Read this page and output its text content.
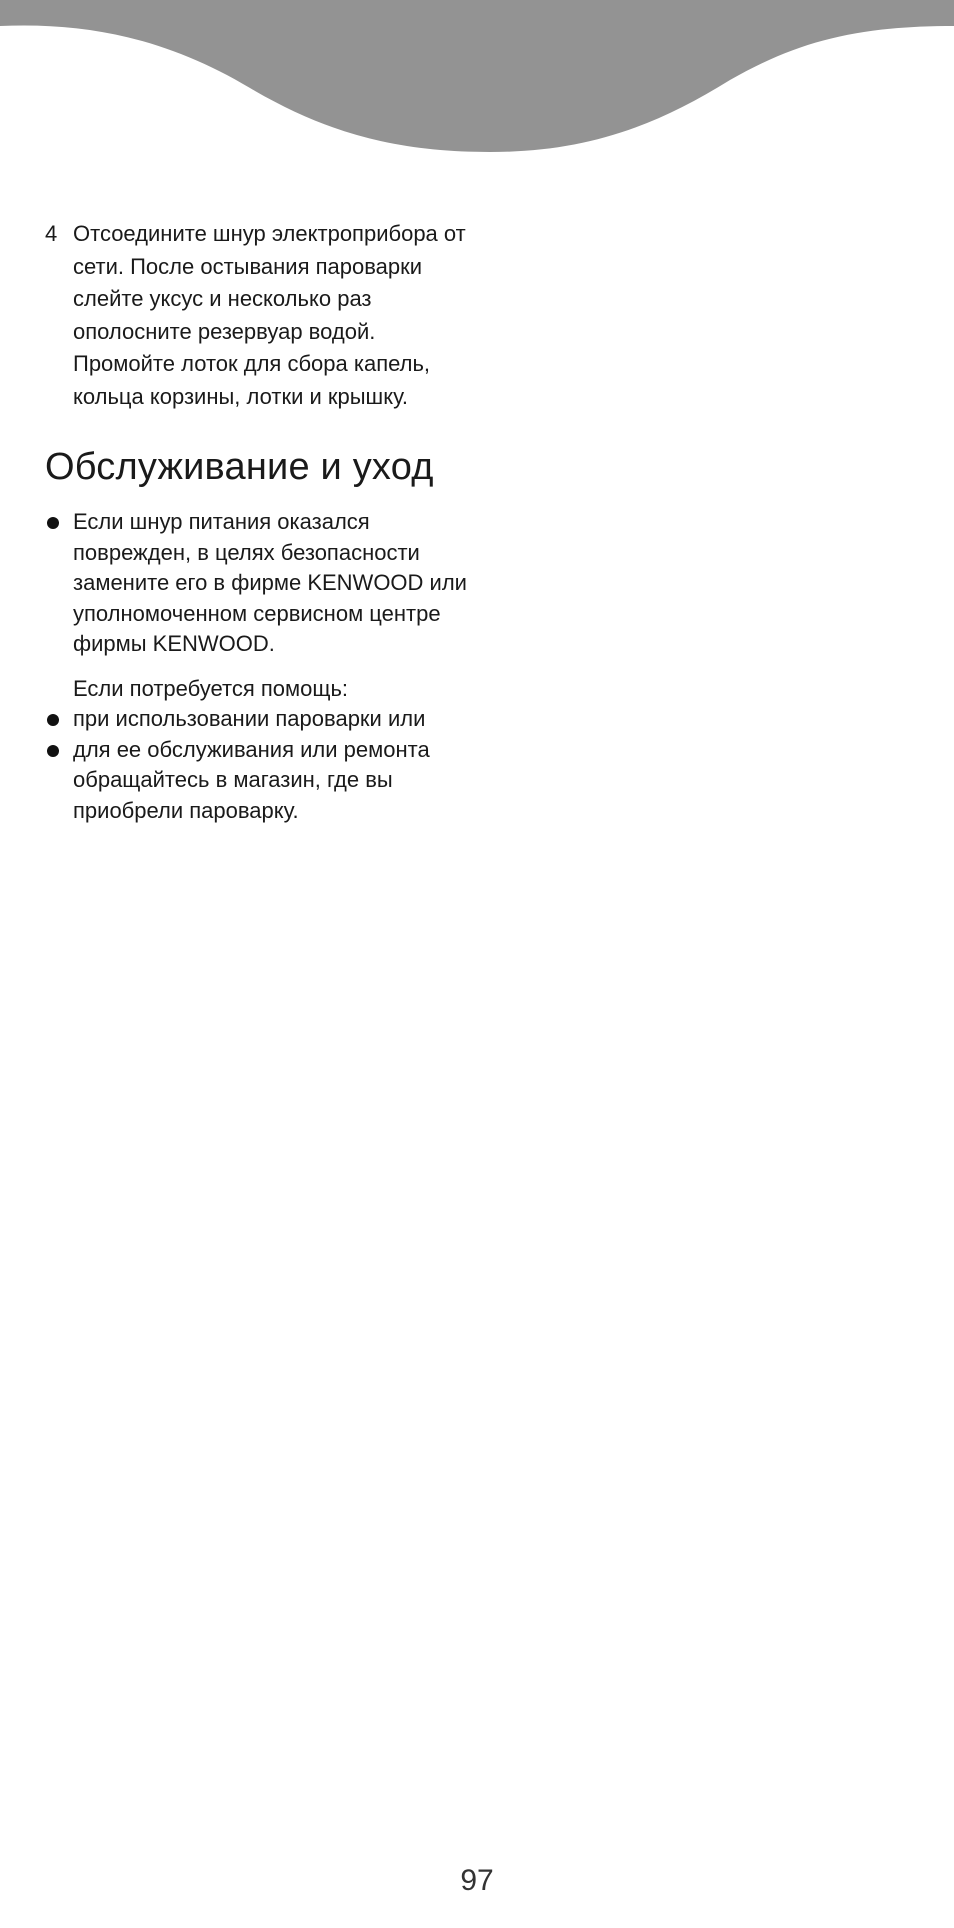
4 Отсоедините шнур электроприбора от сети. После остывания пароварки слейте уксус и несколько раз ополосните резервуар водой. Промойте лоток для сбора капель, кольца корзины, лотки и крышку.
Обслуживание и уход
Если шнур питания оказался поврежден, в целях безопасности замените его в фирме KENWOOD или уполномоченном сервисном центре фирмы KENWOOD.
Если потребуется помощь:
при использовании пароварки или
для ее обслуживания или ремонта
обращайтесь в магазин, где вы приобрели пароварку.
97
